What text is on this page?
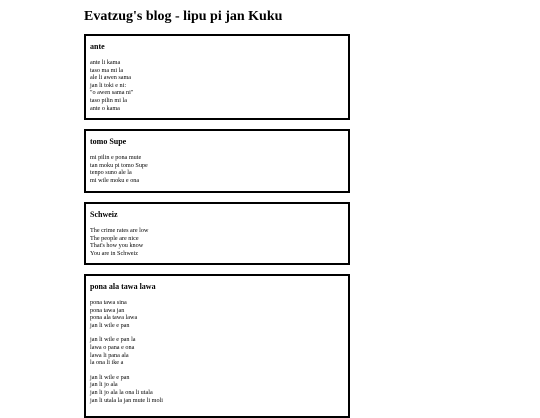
Evatzug's blog - lipu pi jan Kuku
ante
ante li kama
taso ma mi la
ale li awen sama
jan li toki e ni:
"o awen sama ni"
taso pilin mi la
ante o kama
tomo Supe
mi pilin e pona mute
tan moku pi tomo Supe
tenpo suno ale la
mi wile moku e ona
Schweiz
The crime rates are low
The people are nice
That's how you know
You are in Schweiz
pona ala tawa lawa
pona tawa sina
pona tawa jan
pona ala tawa lawa
jan li wile e pan
jan li wile e pan la
lawa o pana e ona
lawa li pana ala
la ona li ike a
jan li wile e pan
jan li jo ala
jan li jo ala la ona li utala
jan li utala la jan mute li moli
